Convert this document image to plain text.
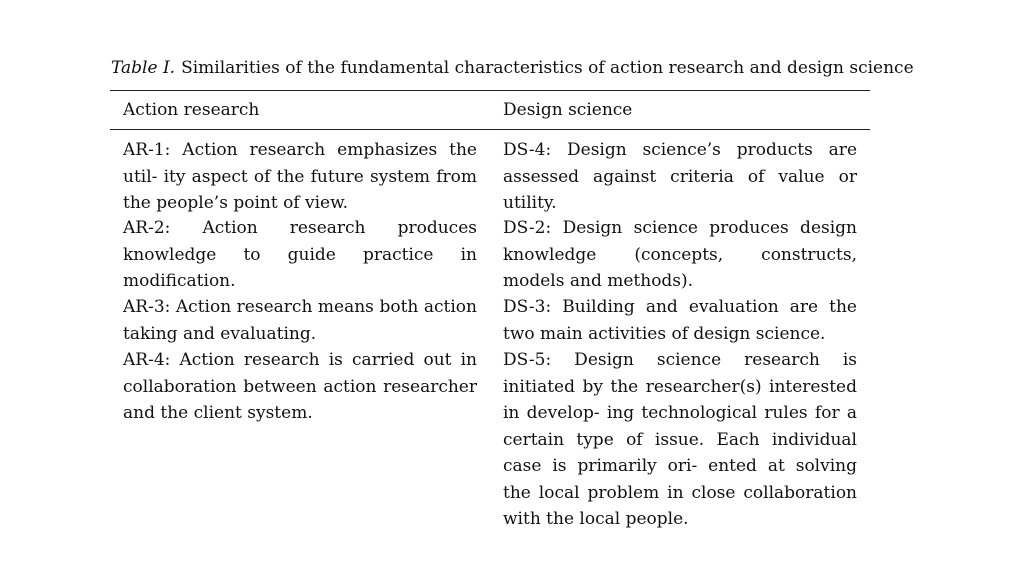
Table I. Similarities of the fundamental characteristics of action research and design science
Action research	Design science
AR-1: Action research emphasizes the util- ity aspect of the future system from the people’s point of view.
DS-4: Design science’s products are assessed against criteria of value or utility.
AR-2: Action research produces knowledge to guide practice in modification.
DS-2: Design science produces design knowledge (concepts, constructs, models and methods).
AR-3: Action research means both action taking and evaluating.
DS-3: Building and evaluation are the two main activities of design science.
AR-4: Action research is carried out in collaboration between action researcher and the client system.
DS-5: Design science research is initiated by the researcher(s) interested in develop- ing technological rules for a certain type of issue. Each individual case is primarily ori- ented at solving the local problem in close collaboration with the local people.
